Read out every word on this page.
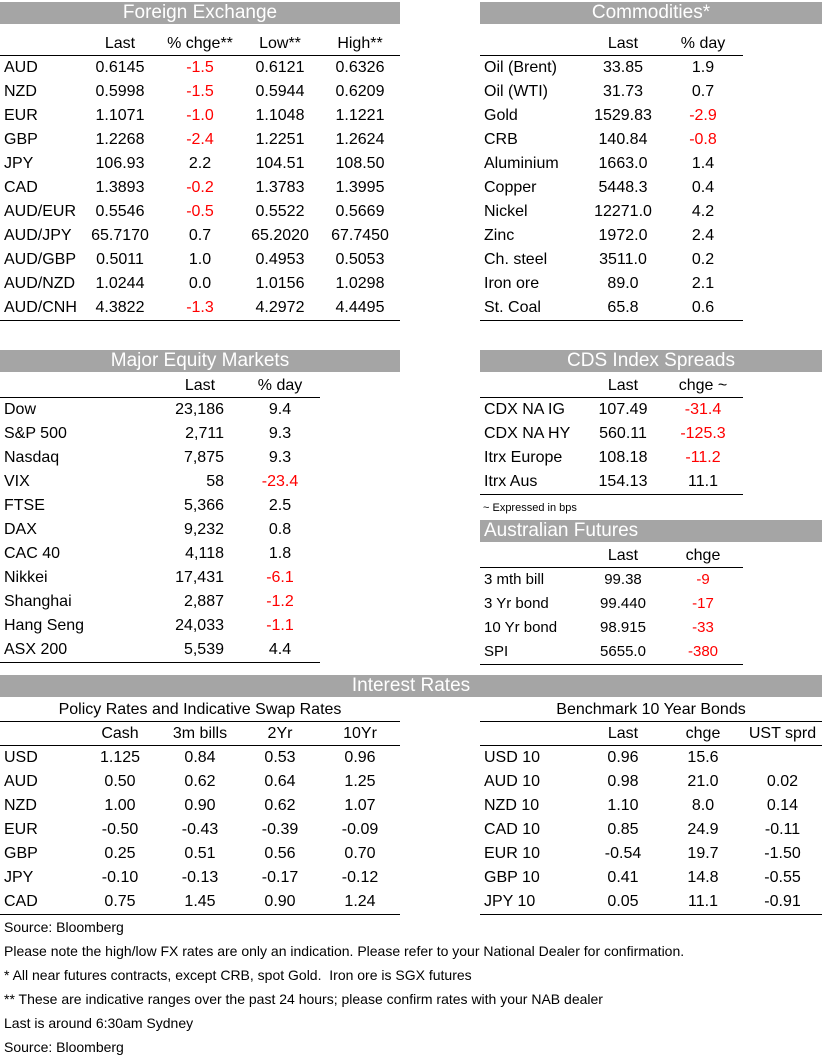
Foreign Exchange
Last	% chge**	Low**	High**
AUD	0.6145	-1.5	0.6121	0.6326
NZD	0.5998	-1.5	0.5944	0.6209
EUR	1.1071	-1.0	1.1048	1.1221
GBP	1.2268	-2.4	1.2251	1.2624
JPY	106.93	2.2	104.51	108.50
CAD	1.3893	-0.2	1.3783	1.3995
AUD/EUR	0.5546	-0.5	0.5522	0.5669
AUD/JPY	65.7170	0.7	65.2020	67.7450
AUD/GBP	0.5011	1.0	0.4953	0.5053
AUD/NZD	1.0244	0.0	1.0156	1.0298
AUD/CNH	4.3822	-1.3	4.2972	4.4495
Commodities*
Last	% day
Oil (Brent)	33.85	1.9
Oil (WTI)	31.73	0.7
Gold	1529.83	-2.9
CRB	140.84	-0.8
Aluminium	1663.0	1.4
Copper	5448.3	0.4
Nickel	12271.0	4.2
Zinc	1972.0	2.4
Ch. steel	3511.0	0.2
Iron ore	89.0	2.1
St. Coal	65.8	0.6
Major Equity Markets
Last	% day
Dow	23,186	9.4
S&P 500	2,711	9.3
Nasdaq	7,875	9.3
VIX	58	-23.4
FTSE	5,366	2.5
DAX	9,232	0.8
CAC 40	4,118	1.8
Nikkei	17,431	-6.1
Shanghai	2,887	-1.2
Hang Seng	24,033	-1.1
ASX 200	5,539	4.4
CDS Index Spreads
Last	chge ~
CDX NA IG	107.49	-31.4
CDX NA HY	560.11	-125.3
Itrx Europe	108.18	-11.2
Itrx Aus	154.13	11.1
~ Expressed in bps
Australian Futures
Last	chge
3 mth bill	99.38	-9
3 Yr bond	99.440	-17
10 Yr bond	98.915	-33
SPI	5655.0	-380
Interest Rates
Policy Rates and Indicative Swap Rates
Cash	3m bills	2Yr	10Yr
USD	1.125	0.84	0.53	0.96
AUD	0.50	0.62	0.64	1.25
NZD	1.00	0.90	0.62	1.07
EUR	-0.50	-0.43	-0.39	-0.09
GBP	0.25	0.51	0.56	0.70
JPY	-0.10	-0.13	-0.17	-0.12
CAD	0.75	1.45	0.90	1.24
Benchmark 10 Year Bonds
Last	chge	UST sprd
USD 10	0.96	15.6
AUD 10	0.98	21.0	0.02
NZD 10	1.10	8.0	0.14
CAD 10	0.85	24.9	-0.11
EUR 10	-0.54	19.7	-1.50
GBP 10	0.41	14.8	-0.55
JPY 10	0.05	11.1	-0.91
Source: Bloomberg
Please note the high/low FX rates are only an indication. Please refer to your National Dealer for confirmation.
* All near futures contracts, except CRB, spot Gold.  Iron ore is SGX futures
** These are indicative ranges over the past 24 hours; please confirm rates with your NAB dealer
Last is around 6:30am Sydney
Source: Bloomberg
